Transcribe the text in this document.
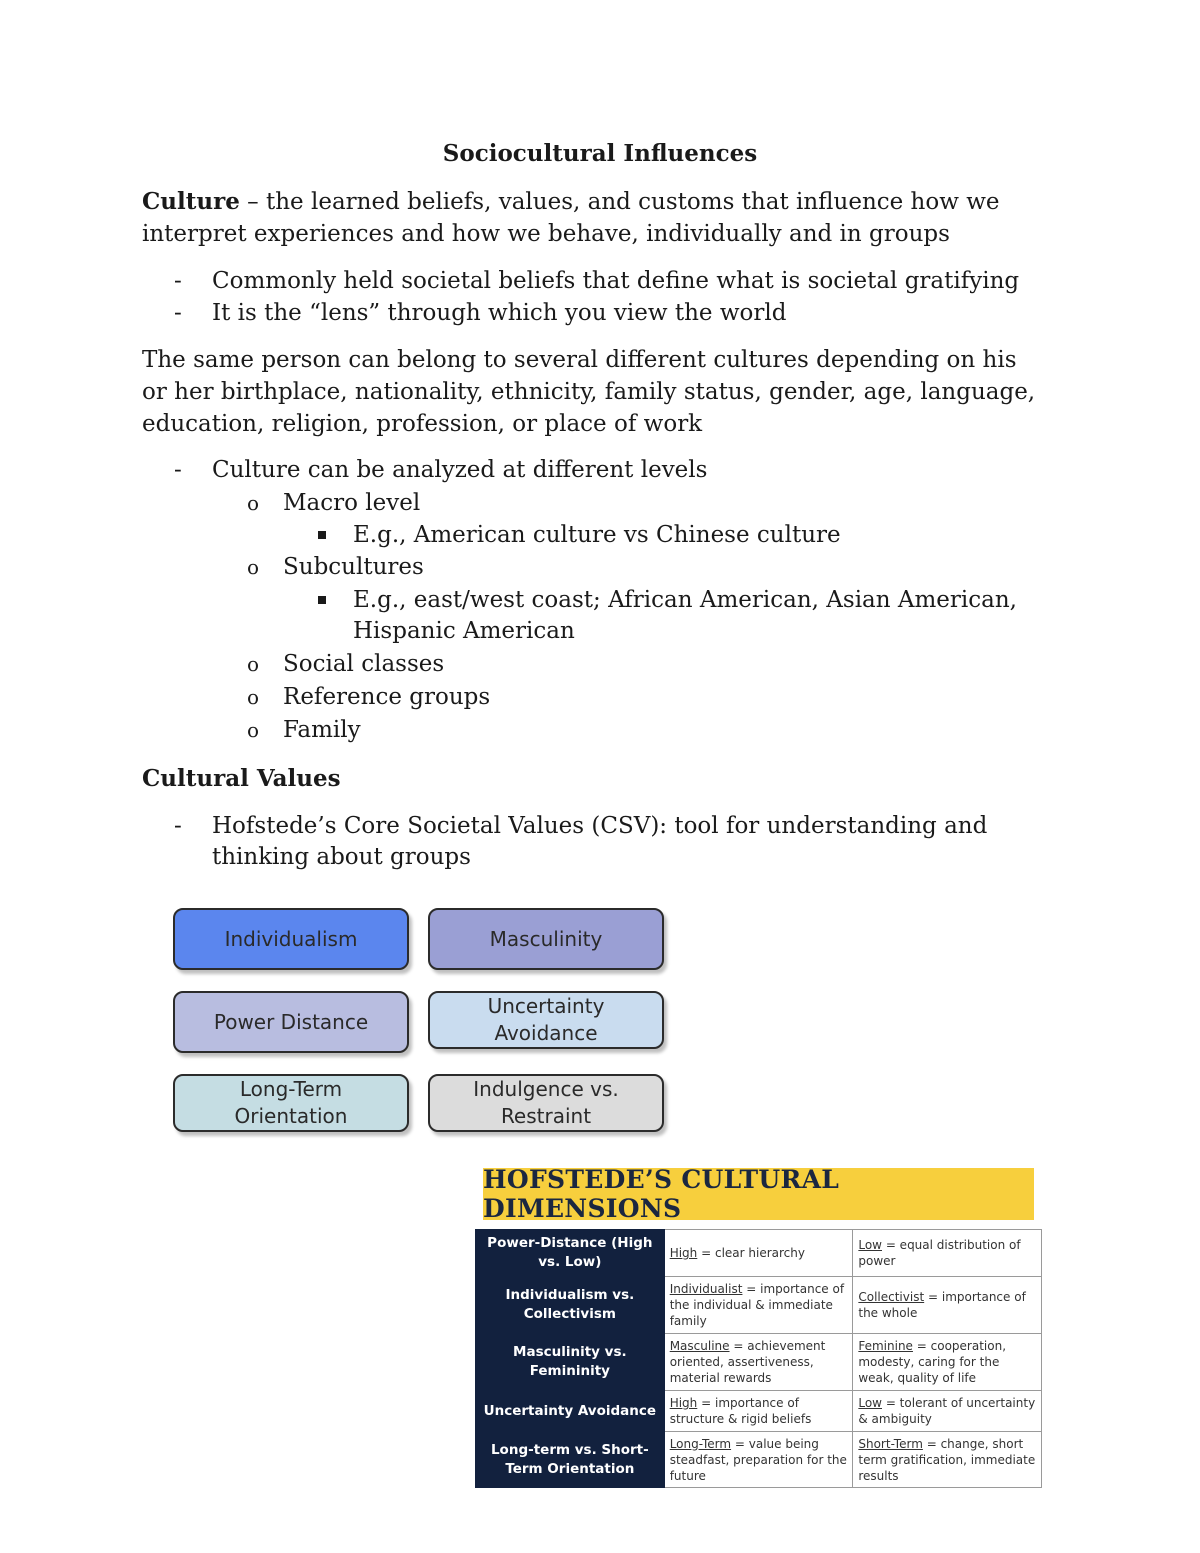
Sociocultural Influences

Culture – the learned beliefs, values, and customs that influence how we

interpret experiences and how we behave, individually and in groups

- Commonly held societal beliefs that define what is societal gratifying
- It is the “lens” through which you view the world
The same person can belong to several different cultures depending on his
or her birthplace, nationality, ethnicity, family status, gender, age, language,
education, religion, profession, or place of work
- Culture can be analyzed at different levels
o Macro level
E.g., American culture vs Chinese culture
o Subcultures
E.g., east/west coast; African American, Asian American,
Hispanic American
o Social classes
o Reference groups
o Family
Cultural Values
- Hofstede’s Core Societal Values (CSV): tool for understanding and
thinking about groups
Individualism	Masculinity
Power Distance
Uncertainty Avoidance
Long-Term Orientation
Indulgence vs. Restraint
HOFSTEDE’S CULTURAL DIMENSIONS
Power-Distance (High vs. Low)	High = clear hierarchy	Low = equal distribution of power
Individualism vs. Collectivism	Individualist = importance of the individual & immediate family	Collectivist = importance of the whole
Masculinity vs. Femininity	Masculine = achievement oriented, assertiveness, material rewards	Feminine = cooperation, modesty, caring for the weak, quality of life
Uncertainty Avoidance	High = importance of structure & rigid beliefs	Low = tolerant of uncertainty & ambiguity
Long-term vs. Short-Term Orientation	Long-Term = value being steadfast, preparation for the future	Short-Term = change, short term gratification, immediate results
